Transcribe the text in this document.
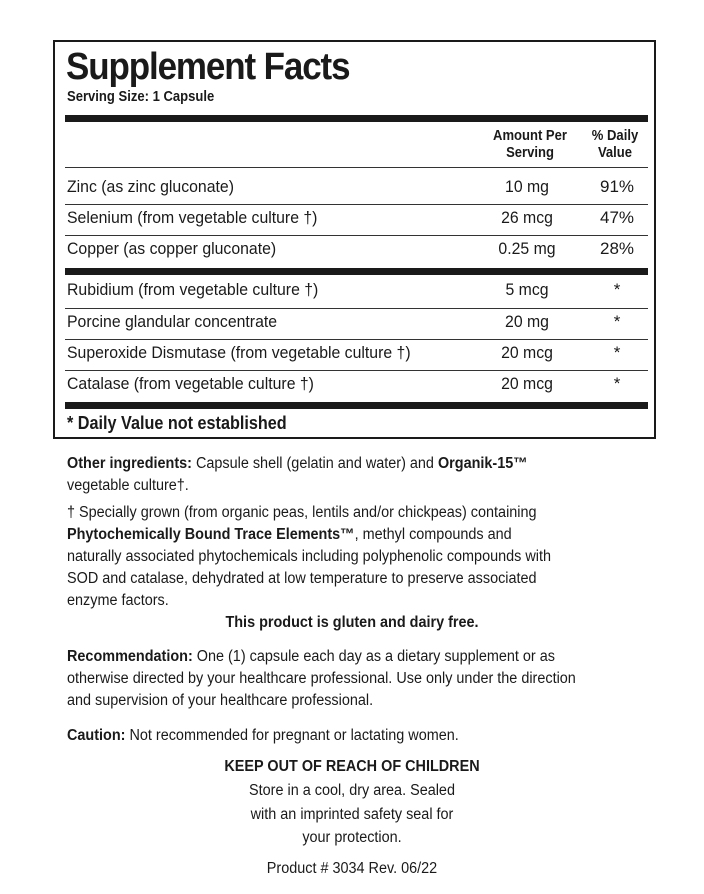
Supplement Facts
Serving Size: 1 Capsule
Amount Per
Serving
% Daily
Value
Zinc (as zinc gluconate)	10 mg	91%
Selenium (from vegetable culture †)	26 mcg	47%
Copper (as copper gluconate)	0.25 mg	28%
Rubidium (from vegetable culture †)	5 mcg	*
Porcine glandular concentrate	20 mg	*
Superoxide Dismutase (from vegetable culture †)	20 mcg	*
Catalase (from vegetable culture †)	20 mcg	*
* Daily Value not established
Other ingredients: Capsule shell (gelatin and water) and Organik-15™
vegetable culture†.
† Specially grown (from organic peas, lentils and/or chickpeas) containing
Phytochemically Bound Trace Elements™, methyl compounds and
naturally associated phytochemicals including polyphenolic compounds with
SOD and catalase, dehydrated at low temperature to preserve associated
enzyme factors.
This product is gluten and dairy free.
Recommendation: One (1) capsule each day as a dietary supplement or as
otherwise directed by your healthcare professional. Use only under the direction
and supervision of your healthcare professional.
Caution: Not recommended for pregnant or lactating women.
KEEP OUT OF REACH OF CHILDREN
Store in a cool, dry area. Sealed
with an imprinted safety seal for
your protection.
Product # 3034 Rev. 06/22
